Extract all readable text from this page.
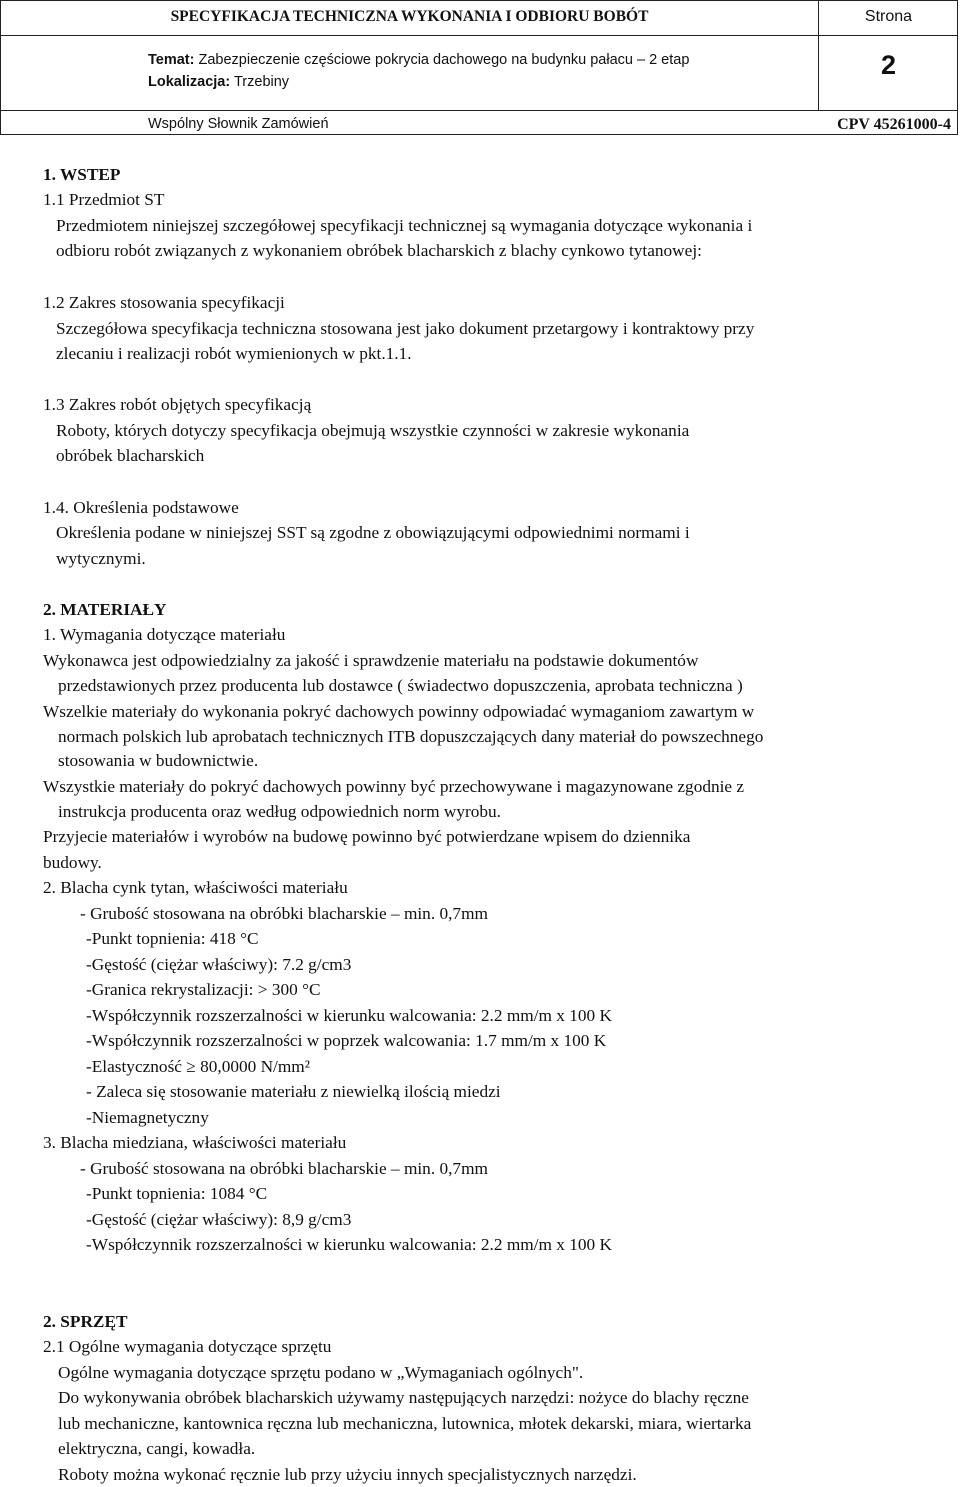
SPECYFIKACJA TECHNICZNA WYKONANIA I ODBIORU BOBÓT	Strona
Temat: Zabezpieczenie częściowe pokrycia dachowego na budynku pałacu – 2 etap
Lokalizacja: Trzebiny
2
Wspólny Słownik Zamówień	CPV 45261000-4
1. WSTEP
1.1 Przedmiot ST
Przedmiotem niniejszej szczegółowej specyfikacji technicznej są wymagania dotyczące wykonania i
odbioru robót związanych z wykonaniem obróbek blacharskich z blachy cynkowo tytanowej:
1.2 Zakres stosowania specyfikacji
Szczegółowa specyfikacja techniczna stosowana jest jako dokument przetargowy i kontraktowy przy
zlecaniu i realizacji robót wymienionych w pkt.1.1.
1.3 Zakres robót objętych specyfikacją
Roboty, których dotyczy specyfikacja obejmują wszystkie czynności w zakresie wykonania
obróbek blacharskich
1.4. Określenia podstawowe
Określenia podane w niniejszej SST są zgodne z obowiązującymi odpowiednimi normami i
wytycznymi.
2. MATERIAŁY
1. Wymagania dotyczące materiału
Wykonawca jest odpowiedzialny za jakość i sprawdzenie materiału na podstawie dokumentów
przedstawionych przez producenta lub dostawce ( świadectwo dopuszczenia, aprobata techniczna )
Wszelkie materiały do wykonania pokryć dachowych powinny odpowiadać wymaganiom zawartym w
normach polskich lub aprobatach technicznych ITB dopuszczających dany materiał do powszechnego
stosowania w budownictwie.
Wszystkie materiały do pokryć dachowych powinny być przechowywane i magazynowane zgodnie z
instrukcja producenta oraz według odpowiednich norm wyrobu.
Przyjecie materiałów i wyrobów na budowę powinno być potwierdzane wpisem do dziennika
budowy.
2. Blacha cynk tytan, właściwości materiału
- Grubość stosowana na obróbki blacharskie – min. 0,7mm
-Punkt topnienia: 418 °C
-Gęstość (ciężar właściwy): 7.2 g/cm3
-Granica rekrystalizacji: > 300 °C
-Współczynnik rozszerzalności w kierunku walcowania: 2.2 mm/m x 100 K
-Współczynnik rozszerzalności w poprzek walcowania: 1.7 mm/m x 100 K
-Elastyczność ≥ 80,0000 N/mm²
- Zaleca się stosowanie materiału z niewielką ilością miedzi
-Niemagnetyczny
3. Blacha miedziana, właściwości materiału
- Grubość stosowana na obróbki blacharskie – min. 0,7mm
-Punkt topnienia: 1084 °C
-Gęstość (ciężar właściwy): 8,9 g/cm3
-Współczynnik rozszerzalności w kierunku walcowania: 2.2 mm/m x 100 K
2. SPRZĘT
2.1 Ogólne wymagania dotyczące sprzętu
Ogólne wymagania dotyczące sprzętu podano w „Wymaganiach ogólnych".
Do wykonywania obróbek blacharskich używamy następujących narzędzi: nożyce do blachy ręczne
lub mechaniczne, kantownica ręczna lub mechaniczna, lutownica, młotek dekarski, miara, wiertarka
elektryczna, cangi, kowadła.
Roboty można wykonać ręcznie lub przy użyciu innych specjalistycznych narzędzi.
